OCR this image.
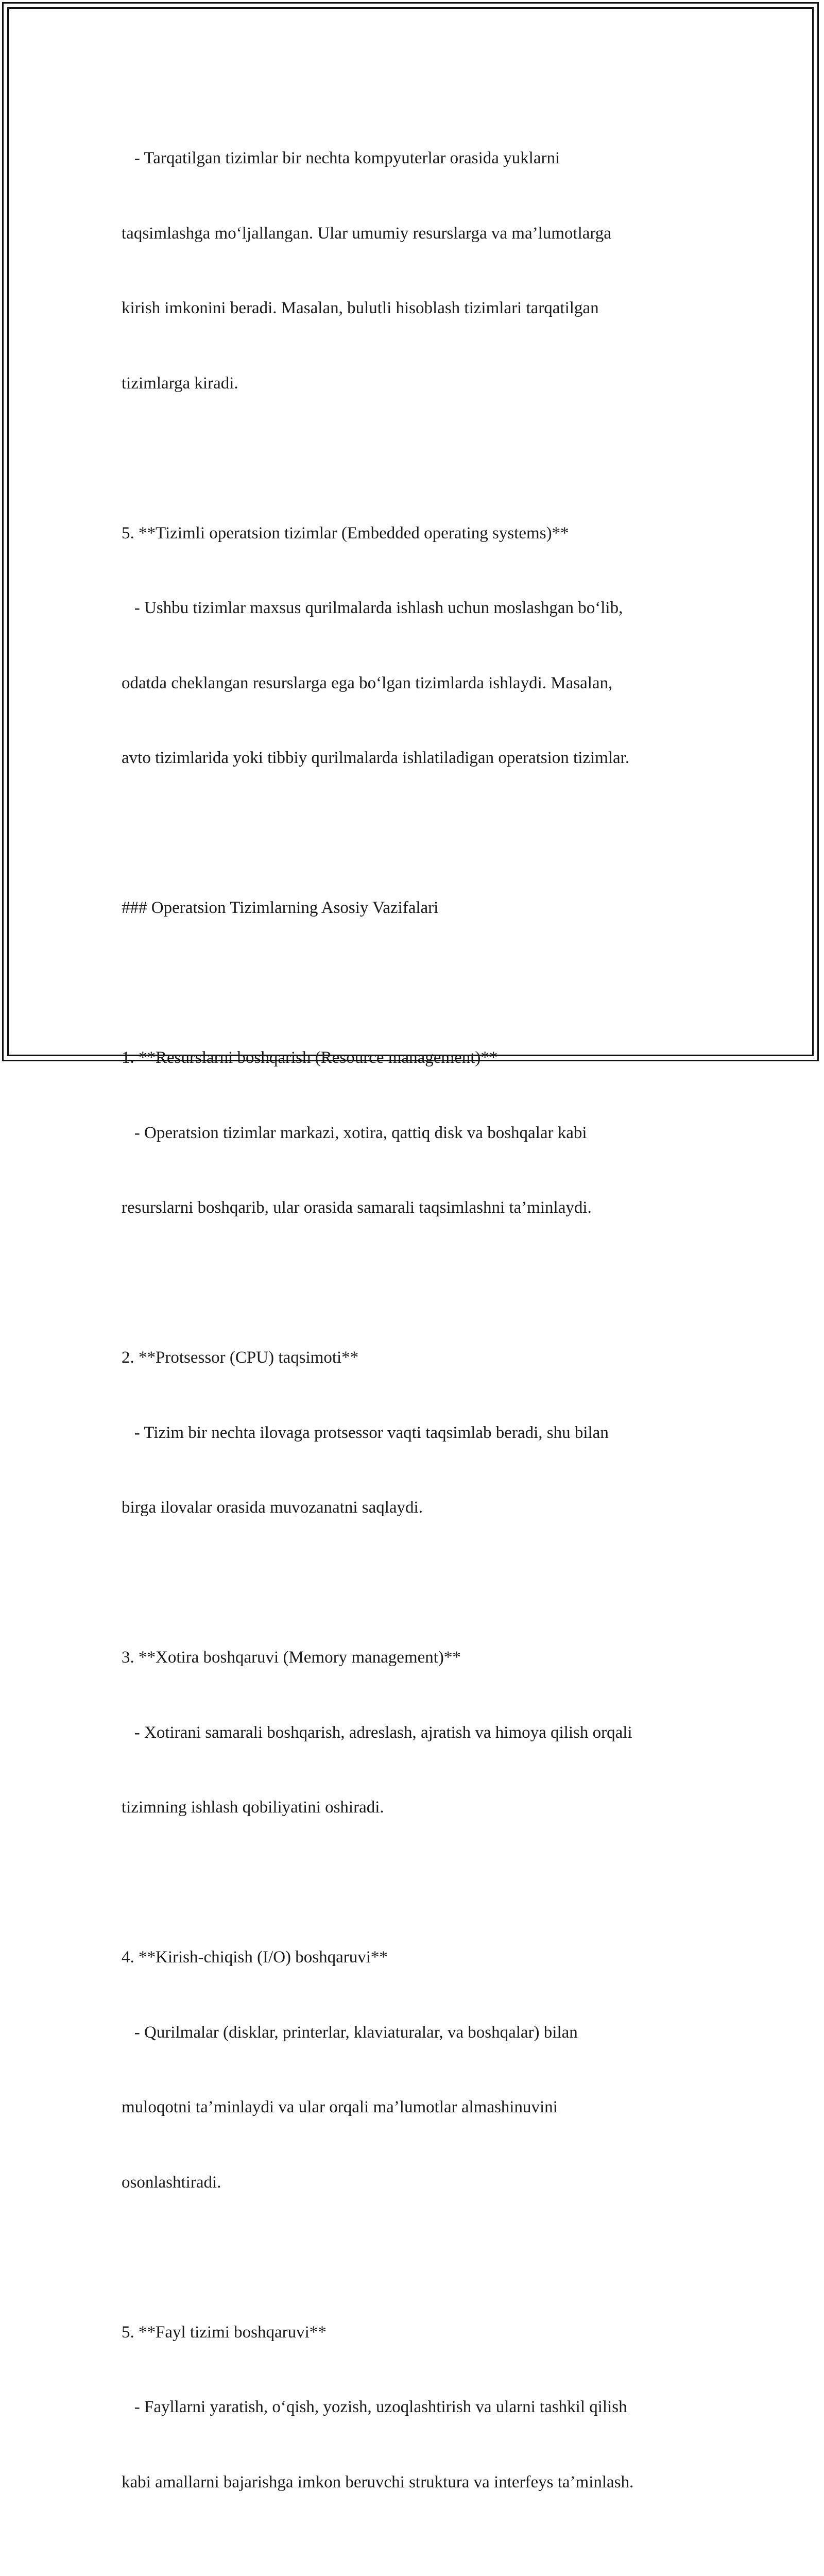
- Tarqatilgan tizimlar bir nechta kompyuterlar orasida yuklarni

taqsimlashga mo‘ljallangan. Ular umumiy resurslarga va ma’lumotlarga

kirish imkonini beradi. Masalan, bulutli hisoblash tizimlari tarqatilgan

tizimlarga kiradi.

5. **Tizimli operatsion tizimlar (Embedded operating systems)**

- Ushbu tizimlar maxsus qurilmalarda ishlash uchun moslashgan bo‘lib,

odatda cheklangan resurslarga ega bo‘lgan tizimlarda ishlaydi. Masalan,

avto tizimlarida yoki tibbiy qurilmalarda ishlatiladigan operatsion tizimlar.

### Operatsion Tizimlarning Asosiy Vazifalari

1. **Resurslarni boshqarish (Resource management)**

- Operatsion tizimlar markazi, xotira, qattiq disk va boshqalar kabi

resurslarni boshqarib, ular orasida samarali taqsimlashni ta’minlaydi.

2. **Protsessor (CPU) taqsimoti**

- Tizim bir nechta ilovaga protsessor vaqti taqsimlab beradi, shu bilan

birga ilovalar orasida muvozanatni saqlaydi.

3. **Xotira boshqaruvi (Memory management)**

- Xotirani samarali boshqarish, adreslash, ajratish va himoya qilish orqali

tizimning ishlash qobiliyatini oshiradi.

4. **Kirish-chiqish (I/O) boshqaruvi**

- Qurilmalar (disklar, printerlar, klaviaturalar, va boshqalar) bilan

muloqotni ta’minlaydi va ular orqali ma’lumotlar almashinuvini

osonlashtiradi.

5. **Fayl tizimi boshqaruvi**

- Fayllarni yaratish, o‘qish, yozish, uzoqlashtirish va ularni tashkil qilish

kabi amallarni bajarishga imkon beruvchi struktura va interfeys ta’minlash.
